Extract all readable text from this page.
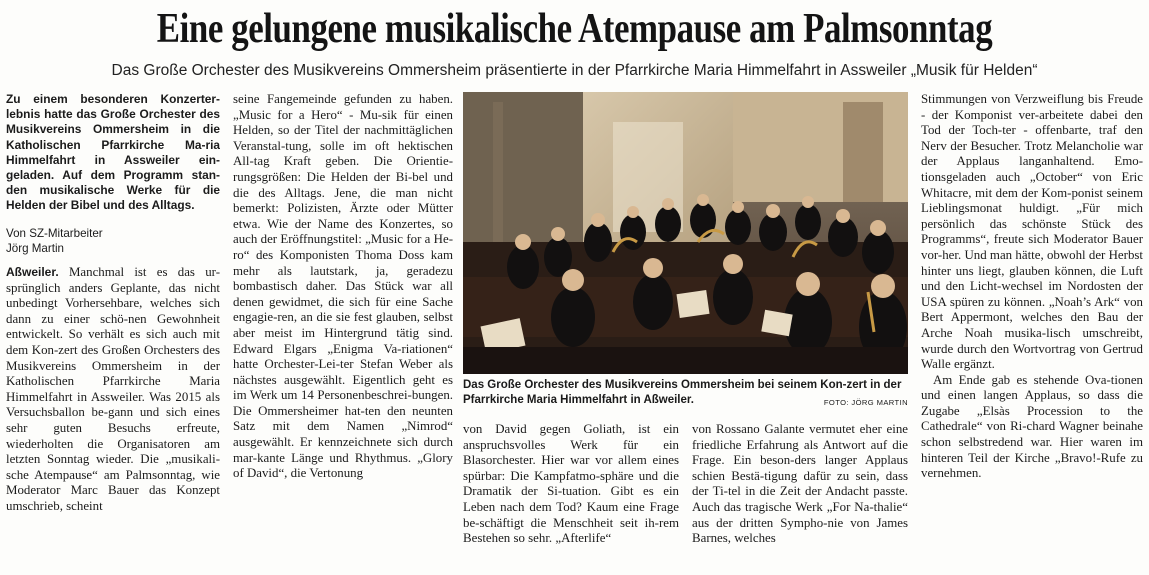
Eine gelungene musikalische Atempause am Palmsonntag
Das Große Orchester des Musikvereins Ommersheim präsentierte in der Pfarrkirche Maria Himmelfahrt in Assweiler „Musik für Helden“

Zu einem besonderen Konzerter-lebnis hatte das Große Orchester des Musikvereins Ommersheim in die Katholischen Pfarrkirche Ma-ria Himmelfahrt in Assweiler ein-geladen. Auf dem Programm stan-den musikalische Werke für die Helden der Bibel und des Alltags.

Von SZ-Mitarbeiter
Jörg Martin

Aßweiler. Manchmal ist es das ur-sprünglich anders Geplante, das nicht unbedingt Vorhersehbare, welches sich dann zu einer schö-nen Gewohnheit entwickelt. So verhält es sich auch mit dem Kon-zert des Großen Orchesters des Musikvereins Ommersheim in der Katholischen Pfarrkirche Maria Himmelfahrt in Assweiler. Was 2015 als Versuchsballon be-gann und sich eines sehr guten Besuchs erfreute, wiederholten die Organisatoren am letzten Sonntag wieder. Die „musikali-sche Atempause“ am Palmsonntag, wie Moderator Marc Bauer das Konzept umschrieb, scheint

seine Fangemeinde gefunden zu haben. „Music for a Hero“ - Mu-sik für einen Helden, so der Titel der nachmittäglichen Veranstal-tung, solle im oft hektischen All-tag Kraft geben. Die Orientie-rungsgrößen: Die Helden der Bi-bel und die des Alltags. Jene, die man nicht bemerkt: Polizisten, Ärzte oder Mütter etwa. Wie der Name des Konzertes, so auch der Eröffnungstitel: „Music for a He-ro“ des Komponisten Thoma Doss kam mehr als lautstark, ja, geradezu bombastisch daher. Das Stück war all denen gewidmet, die sich für eine Sache engagie-ren, an die sie fest glauben, selbst aber meist im Hintergrund tätig sind. Edward Elgars „Enigma Va-riationen“ hatte Orchester-Lei-ter Stefan Weber als nächstes ausgewählt. Eigentlich geht es im Werk um 14 Personenbeschrei-bungen. Die Ommersheimer hat-ten den neunten Satz mit dem Namen „Nimrod“ ausgewählt. Er kennzeichnete sich durch mar-kante Länge und Rhythmus. „Glory of David“, die Vertonung

Das Große Orchester des Musikvereins Ommersheim bei seinem Kon-zert in der Pfarrkirche Maria Himmelfahrt in Aßweiler.	FOTO: JÖRG MARTIN

von David gegen Goliath, ist ein anspruchsvolles Werk für ein Blasorchester. Hier war vor allem eines spürbar: Die Kampfatmo-sphäre und die Dramatik der Si-tuation. Gibt es ein Leben nach dem Tod? Kaum eine Frage be-schäftigt die Menschheit seit ih-rem Bestehen so sehr. „Afterlife“

von Rossano Galante vermutet eher eine friedliche Erfahrung als Antwort auf die Frage. Ein beson-ders langer Applaus schien Bestä-tigung dafür zu sein, dass der Ti-tel in die Zeit der Andacht passte. Auch das tragische Werk „For Na-thalie“ aus der dritten Sympho-nie von James Barnes, welches

Stimmungen von Verzweiflung bis Freude - der Komponist ver-arbeitete dabei den Tod der Toch-ter - offenbarte, traf den Nerv der Besucher. Trotz Melancholie war der Applaus langanhaltend. Emo-tionsgeladen auch „October“ von Eric Whitacre, mit dem der Kom-ponist seinem Lieblingsmonat huldigt. „Für mich persönlich das schönste Stück des Programms“, freute sich Moderator Bauer vor-her. Und man hätte, obwohl der Herbst hinter uns liegt, glauben können, die Luft und den Licht-wechsel im Nordosten der USA spüren zu können. „Noah’s Ark“ von Bert Appermont, welches den Bau der Arche Noah musika-lisch umschreibt, wurde durch den Wortvortrag von Gertrud Walle ergänzt.

Am Ende gab es stehende Ova-tionen und einen langen Applaus, so dass die Zugabe „Elsàs Procession to the Cathedrale“ von Ri-chard Wagner beinahe schon selbstredend war. Hier waren im hinteren Teil der Kirche „Bravo!-Rufe zu vernehmen.
